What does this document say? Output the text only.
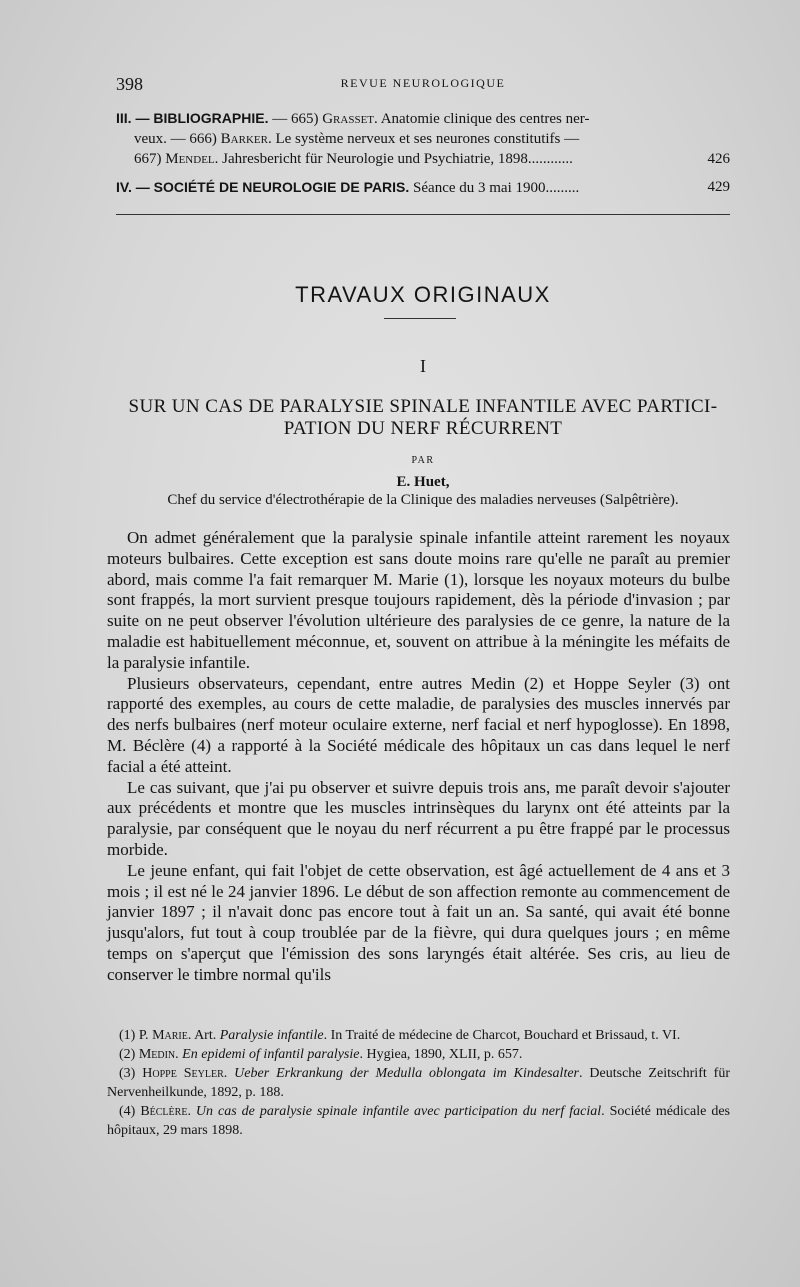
398	REVUE NEUROLOGIQUE
III. — BIBLIOGRAPHIE. — 665) Grasset. Anatomie clinique des centres ner-
veux. — 666) Barker. Le système nerveux et ses neurones constitutifs —
667) Mendel. Jahresbericht für Neurologie und Psychiatrie, 1898............	426
IV. — SOCIÉTÉ DE NEUROLOGIE DE PARIS. Séance du 3 mai 1900.........	429
TRAVAUX ORIGINAUX
I
SUR UN CAS DE PARALYSIE SPINALE INFANTILE AVEC PARTICI-
PATION DU NERF RÉCURRENT
PAR
E. Huet,
Chef du service d'électrothérapie de la Clinique des maladies nerveuses (Salpêtrière).

On admet généralement que la paralysie spinale infantile atteint rarement les noyaux moteurs bulbaires. Cette exception est sans doute moins rare qu'elle ne paraît au premier abord, mais comme l'a fait remarquer M. Marie (1), lorsque les noyaux moteurs du bulbe sont frappés, la mort survient presque toujours rapidement, dès la période d'invasion ; par suite on ne peut observer l'évolution ultérieure des paralysies de ce genre, la nature de la maladie est habituellement méconnue, et, souvent on attribue à la méningite les méfaits de la paralysie infantile.

Plusieurs observateurs, cependant, entre autres Medin (2) et Hoppe Seyler (3) ont rapporté des exemples, au cours de cette maladie, de paralysies des muscles innervés par des nerfs bulbaires (nerf moteur oculaire externe, nerf facial et nerf hypoglosse). En 1898, M. Béclère (4) a rapporté à la Société médicale des hôpitaux un cas dans lequel le nerf facial a été atteint.

Le cas suivant, que j'ai pu observer et suivre depuis trois ans, me paraît devoir s'ajouter aux précédents et montre que les muscles intrinsèques du larynx ont été atteints par la paralysie, par conséquent que le noyau du nerf récurrent a pu être frappé par le processus morbide.

Le jeune enfant, qui fait l'objet de cette observation, est âgé actuellement de 4 ans et 3 mois ; il est né le 24 janvier 1896. Le début de son affection remonte au commencement de janvier 1897 ; il n'avait donc pas encore tout à fait un an. Sa santé, qui avait été bonne jusqu'alors, fut tout à coup troublée par de la fièvre, qui dura quelques jours ; en même temps on s'aperçut que l'émission des sons laryngés était altérée. Ses cris, au lieu de conserver le timbre normal qu'ils

(1) P. Marie. Art. Paralysie infantile. In Traité de médecine de Charcot, Bouchard et Brissaud, t. VI.

(2) Medin. En epidemi of infantil paralysie. Hygiea, 1890, XLII, p. 657.

(3) Hoppe Seyler. Ueber Erkrankung der Medulla oblongata im Kindesalter. Deutsche Zeitschrift für Nervenheilkunde, 1892, p. 188.

(4) Béclère. Un cas de paralysie spinale infantile avec participation du nerf facial. Société médicale des hôpitaux, 29 mars 1898.
